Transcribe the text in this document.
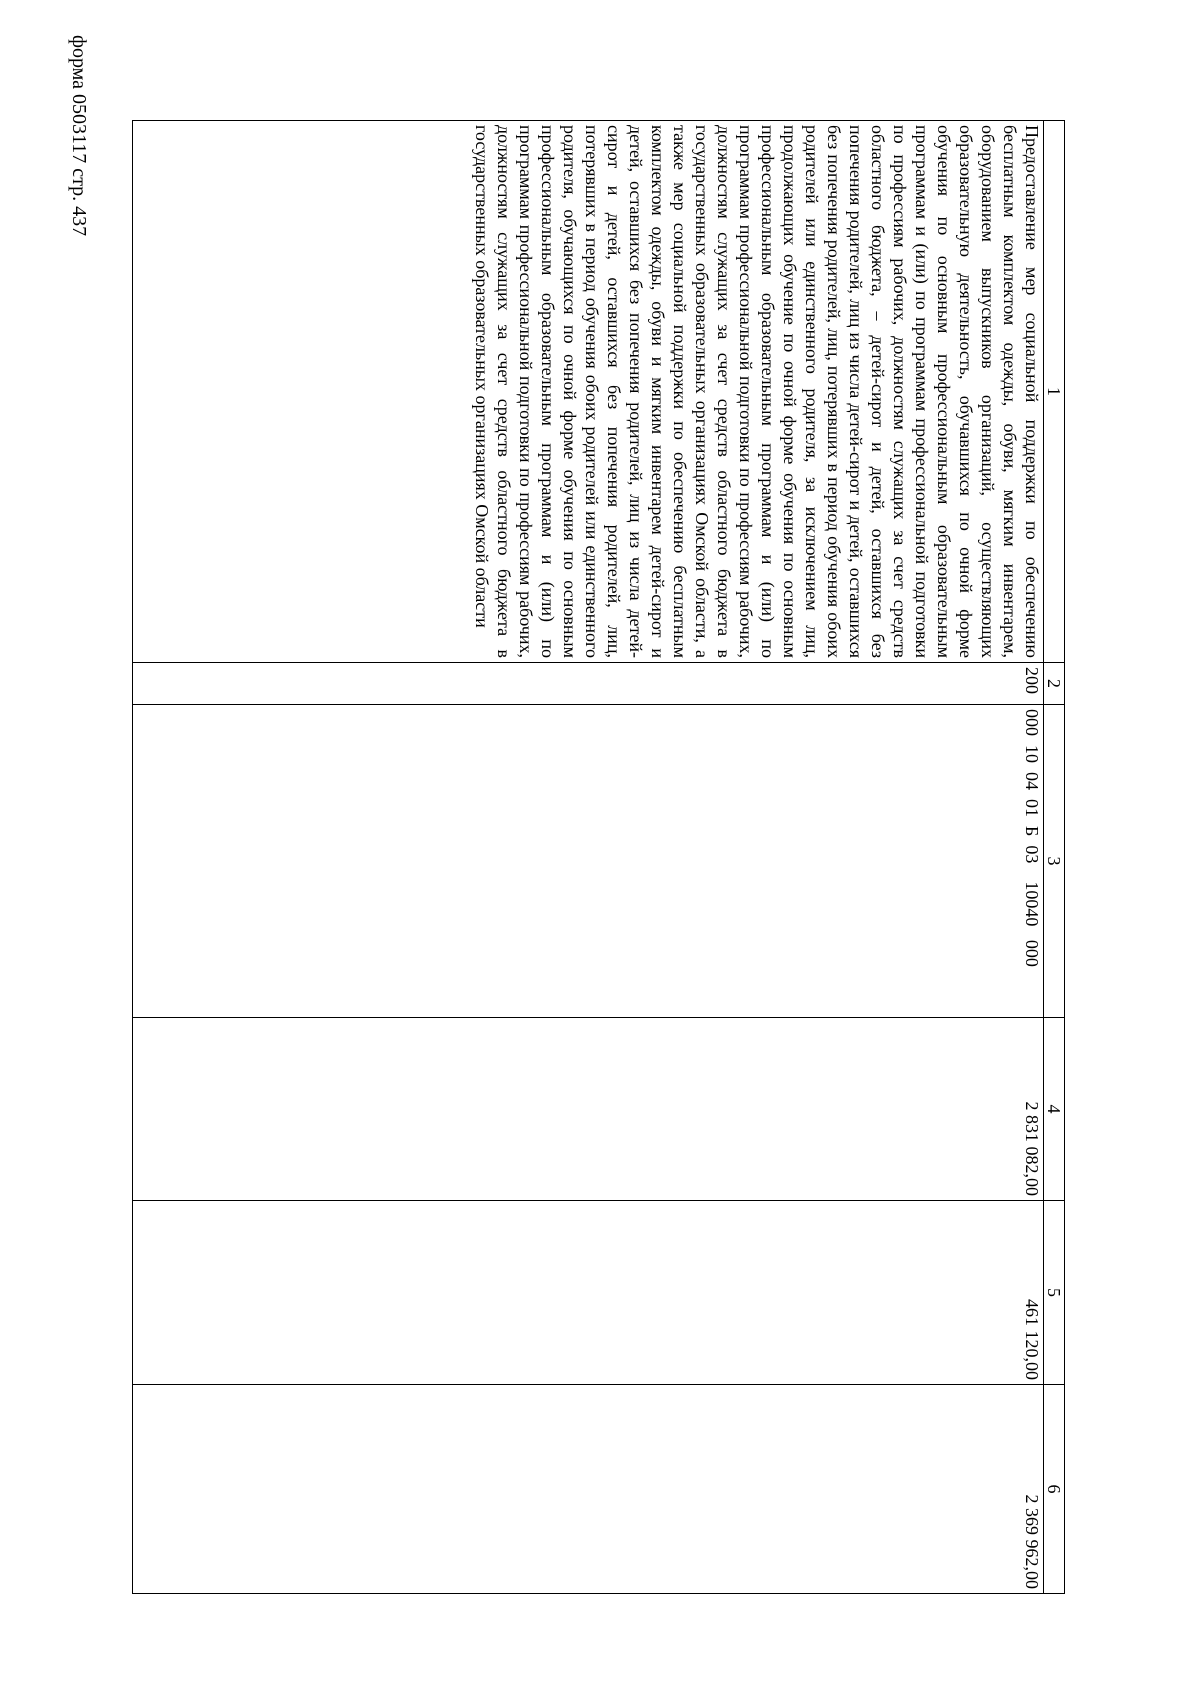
форма 0503117 стр. 437
1	2	3	4	5	6
Предоставление мер социальной поддержки по обеспечению бесплатным комплектом одежды, обуви, мягким инвентарем, оборудованием выпускников организаций, осуществляющих образовательную деятельность, обучавшихся по очной форме обучения по основным профессиональным образовательным программам и (или) по программам профессиональной подготовки по профессиям рабочих, должностям служащих за счет средств областного бюджета, – детей-сирот и детей, оставшихся без попечения родителей, лиц из числа детей-сирот и детей, оставшихся без попечения родителей, лиц, потерявших в период обучения обоих родителей или единственного родителя, за исключением лиц, продолжающих обучение по очной форме обучения по основным профессиональным образовательным программам и (или) по программам профессиональной подготовки по профессиям рабочих, должностям служащих за счет средств областного бюджета в государственных образовательных организациях Омской области, а также мер социальной поддержки по обеспечению бесплатным комплектом одежды, обуви и мягким инвентарем детей-сирот и детей, оставшихся без попечения родителей, лиц из числа детей-сирот и детей, оставшихся без попечения родителей, лиц, потерявших в период обучения обоих родителей или единственного родителя, обучающихся по очной форме обучения по основным профессиональным образовательным программам и (или) по программам профессиональной подготовки по профессиям рабочих, должностям служащих за счет средств областного бюджета в государственных образовательных организациях Омской области	200	000  10  04  01  Б  03    10040   000	2 831 082,00	461 120,00	2 369 962,00
